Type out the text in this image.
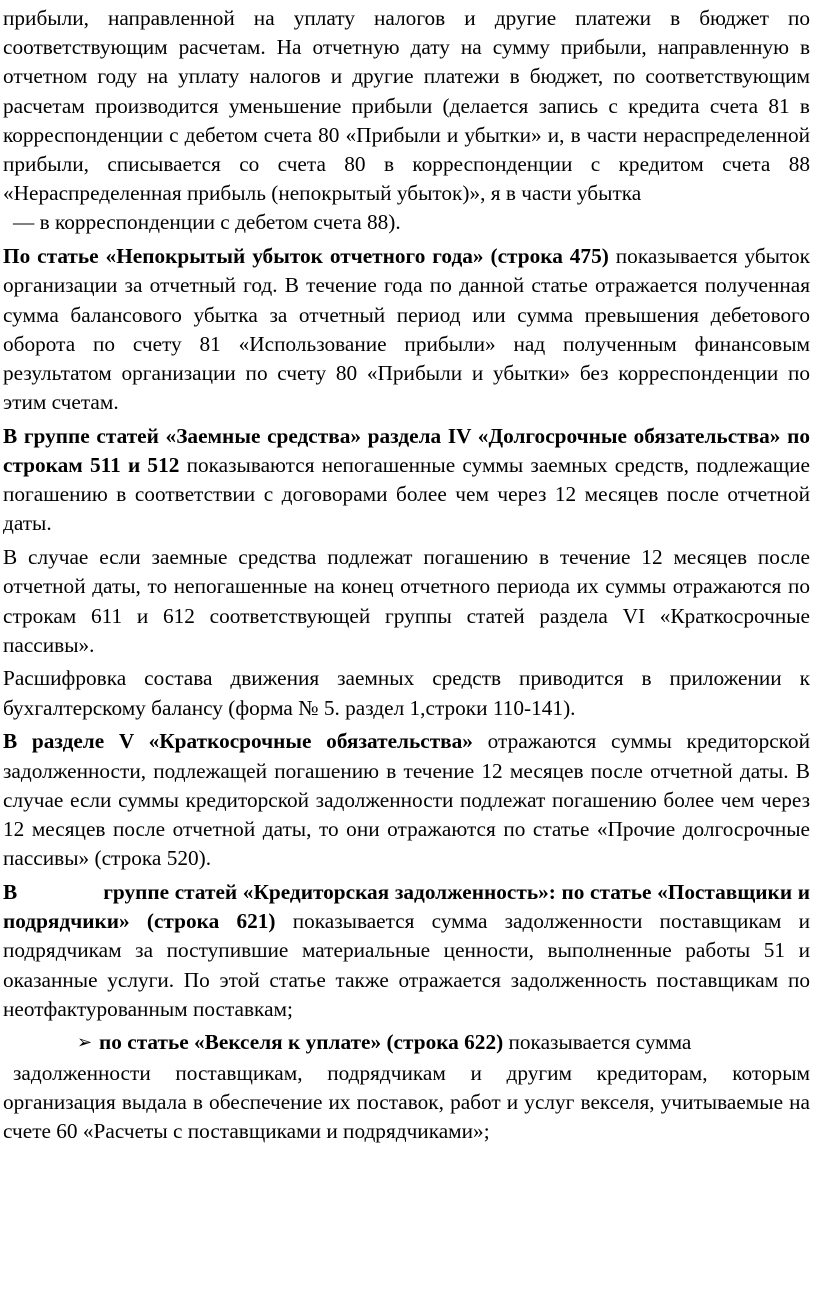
прибыли, направленной на уплату налогов и другие платежи в бюджет по соответствующим расчетам. На отчетную дату на сумму прибыли, направленную в отчетном году на уплату налогов и другие платежи в бюджет, по соответствующим расчетам производится уменьшение прибыли (делается запись с кредита счета 81 в корреспонденции с дебетом счета 80 «Прибыли и убытки» и, в части нераспределенной прибыли, списывается со счета 80 в корреспонденции с кредитом счета 88 «Нераспределенная прибыль (непокрытый убыток)», я в части убытка

— в корреспонденции с дебетом счета 88).

По статье «Непокрытый убыток отчетного года» (строка 475) показывается убыток организации за отчетный год. В течение года по данной статье отражается полученная сумма балансового убытка за отчетный период или сумма превышения дебетового оборота по счету 81 «Использование прибыли» над полученным финансовым результатом организации по счету 80 «Прибыли и убытки» без корреспонденции по этим счетам.

В группе статей «Заемные средства» раздела IV «Долгосрочные обязательства» по строкам 511 и 512 показываются непогашенные суммы заемных средств, подлежащие погашению в соответствии с договорами более чем через 12 месяцев после отчетной даты.

В случае если заемные средства подлежат погашению в течение 12 месяцев после отчетной даты, то непогашенные на конец отчетного периода их суммы отражаются по строкам 611 и 612 соответствующей группы статей раздела VI «Краткосрочные пассивы».

Расшифровка состава движения заемных средств приводится в приложении к бухгалтерскому балансу (форма № 5. раздел 1,строки 110-141).

В разделе V «Краткосрочные обязательства» отражаются суммы кредиторской задолженности, подлежащей погашению в течение 12 месяцев после отчетной даты. В случае если суммы кредиторской задолженности подлежат погашению более чем через 12 месяцев после отчетной даты, то они отражаются по статье «Прочие долгосрочные пассивы» (строка 520).

В	группе статей «Кредиторская задолженность»: по статье «Поставщики и подрядчики» (строка 621) показывается сумма задолженности поставщикам и подрядчикам за поступившие материальные ценности, выполненные работы 51 и оказанные услуги. По этой статье также отражается задолженность поставщикам по неотфактурованным поставкам;

➢ по статье «Векселя к уплате» (строка 622) показывается сумма

задолженности поставщикам, подрядчикам и другим кредиторам, которым организация выдала в обеспечение их поставок, работ и услуг векселя, учитываемые на счете 60 «Расчеты с поставщиками и подрядчиками»;
